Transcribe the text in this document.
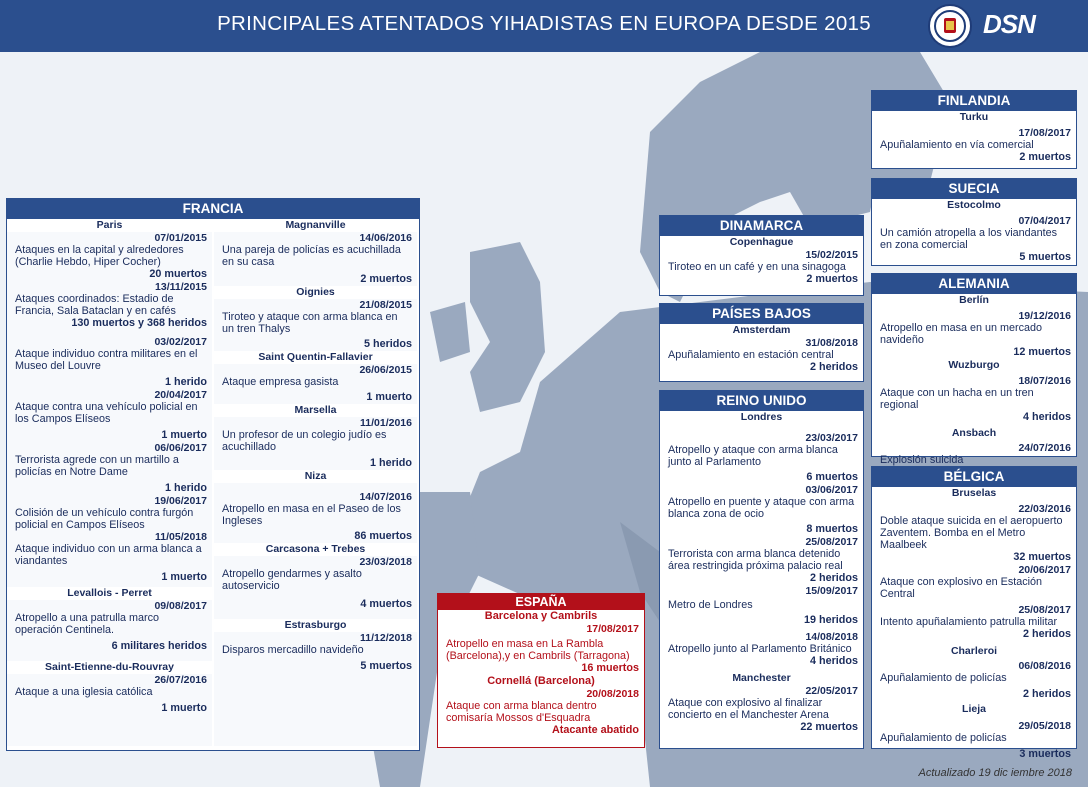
PRINCIPALES ATENTADOS YIHADISTAS EN EUROPA DESDE 2015	DSN
FRANCIA
Paris
07/01/2015
Ataques en la capital y alrededores (Charlie Hebdo, Hiper Cocher)
20 muertos
13/11/2015
Ataques coordinados: Estadio de Francia, Sala Bataclan y en cafés
130 muertos y 368 heridos
03/02/2017
Ataque individuo contra militares en el Museo del Louvre
1 herido
20/04/2017
Ataque contra una vehículo policial en los Campos Elíseos
1 muerto
06/06/2017
Terrorista agrede con un martillo a policías en Notre Dame
1 herido
19/06/2017
Colisión de un vehículo contra furgón policial en Campos Elíseos
11/05/2018
Ataque individuo con un arma blanca a viandantes
1 muerto
Levallois - Perret
09/08/2017
Atropello a una patrulla marco operación Centinela.
6 militares heridos
Saint-Etienne-du-Rouvray
26/07/2016
Ataque a una iglesia católica
1 muerto
Magnanville
14/06/2016
Una pareja de policías es acuchillada en su casa
2 muertos
Oignies
21/08/2015
Tiroteo y ataque con arma blanca en un tren Thalys
5 heridos
Saint Quentin-Fallavier
26/06/2015
Ataque empresa gasista
1 muerto
Marsella
11/01/2016
Un profesor de un colegio judío es acuchillado
1 herido
Niza
14/07/2016
Atropello en masa en el Paseo de los Ingleses
86 muertos
Carcasona + Trebes
23/03/2018
Atropello gendarmes y asalto autoservicio
4 muertos
Estrasburgo
11/12/2018
Disparos mercadillo navideño
5 muertos
ESPAÑA
Barcelona y Cambrils
17/08/2017
Atropello en masa en La Rambla (Barcelona),y en Cambrils (Tarragona)
16 muertos
Cornellá (Barcelona)
20/08/2018
Ataque con arma blanca dentro comisaría Mossos d'Esquadra
Atacante abatido
DINAMARCA
Copenhague
15/02/2015
Tiroteo en un café y en una sinagoga
2 muertos
PAÍSES BAJOS
Amsterdam
31/08/2018
Apuñalamiento en estación central
2 heridos
REINO UNIDO
Londres
23/03/2017
Atropello y ataque con arma blanca junto al Parlamento
6 muertos
03/06/2017
Atropello en puente y ataque con arma blanca zona de ocio
8 muertos
25/08/2017
Terrorista con arma blanca detenido área restringida próxima palacio real
2 heridos
15/09/2017
Metro de Londres
19 heridos
14/08/2018
Atropello junto al Parlamento Británico
4 heridos
Manchester
22/05/2017
Ataque con explosivo al finalizar concierto en el Manchester Arena
22 muertos
FINLANDIA
Turku
17/08/2017
Apuñalamiento en vía comercial
2 muertos
SUECIA
Estocolmo
07/04/2017
Un camión atropella a los viandantes en zona comercial
5 muertos
ALEMANIA
Berlín
19/12/2016
Atropello en masa en un mercado navideño
12 muertos
Wuzburgo
18/07/2016
Ataque con un hacha en un tren regional
4 heridos
Ansbach
24/07/2016
Explosión suicida
BÉLGICA
Bruselas
22/03/2016
Doble ataque suicida en el aeropuerto Zaventem. Bomba en el Metro Maalbeek
32 muertos
20/06/2017
Ataque con explosivo en Estación Central
25/08/2017
Intento apuñalamiento patrulla militar
2 heridos
Charleroi
06/08/2016
Apuñalamiento de policías
2 heridos
Lieja
29/05/2018
Apuñalamiento de policías
3 muertos
Actualizado 19 dic iembre 2018
